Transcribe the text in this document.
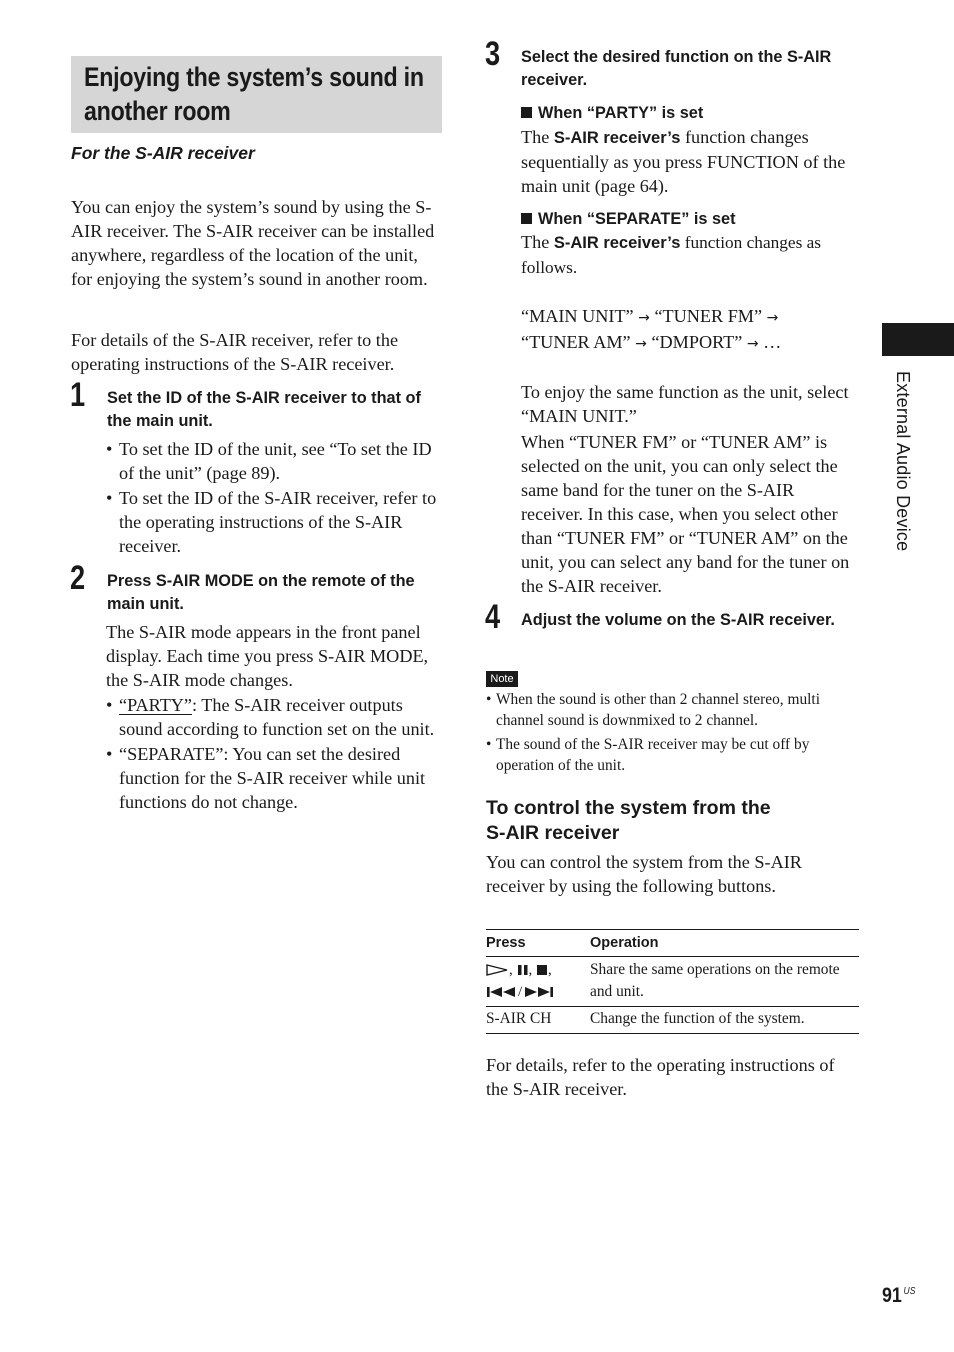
Enjoying the system’s sound in
another room
For the S-AIR receiver

You can enjoy the system’s sound by using the S-AIR receiver. The S-AIR receiver can be installed anywhere, regardless of the location of the unit, for enjoying the system’s sound in another room.

For details of the S-AIR receiver, refer to the operating instructions of the S-AIR receiver.

1 Set the ID of the S-AIR receiver to that of the main unit.
• To set the ID of the unit, see “To set the ID of the unit” (page 89).
• To set the ID of the S-AIR receiver, refer to the operating instructions of the S-AIR receiver.
2 Press S-AIR MODE on the remote of the main unit.

The S-AIR mode appears in the front panel display. Each time you press S-AIR MODE, the S-AIR mode changes.

• “PARTY”: The S-AIR receiver outputs sound according to function set on the unit.
• “SEPARATE”: You can set the desired function for the S-AIR receiver while unit functions do not change.
3 Select the desired function on the S-AIR receiver.
When “PARTY” is set

The S-AIR receiver’s function changes sequentially as you press FUNCTION of the main unit (page 64).

When “SEPARATE” is set

The S-AIR receiver’s function changes as follows.

“MAIN UNIT” → “TUNER FM” →
“TUNER AM” → “DMPORT” → …

To enjoy the same function as the unit, select “MAIN UNIT.”

When “TUNER FM” or “TUNER AM” is selected on the unit, you can only select the same band for the tuner on the S-AIR receiver. In this case, when you select other than “TUNER FM” or “TUNER AM” on the unit, you can select any band for the tuner on the S-AIR receiver.

4 Adjust the volume on the S-AIR receiver.
Note
• When the sound is other than 2 channel stereo, multi channel sound is downmixed to 2 channel.
• The sound of the S-AIR receiver may be cut off by operation of the unit.
To control the system from the
S-AIR receiver

You can control the system from the S-AIR receiver by using the following buttons.

Press	Operation

, , ,
/	Share the same operations on the remote and unit.
S-AIR CH	Change the function of the system.

For details, refer to the operating instructions of the S-AIR receiver.

External Audio Device
91 $^{US}$
